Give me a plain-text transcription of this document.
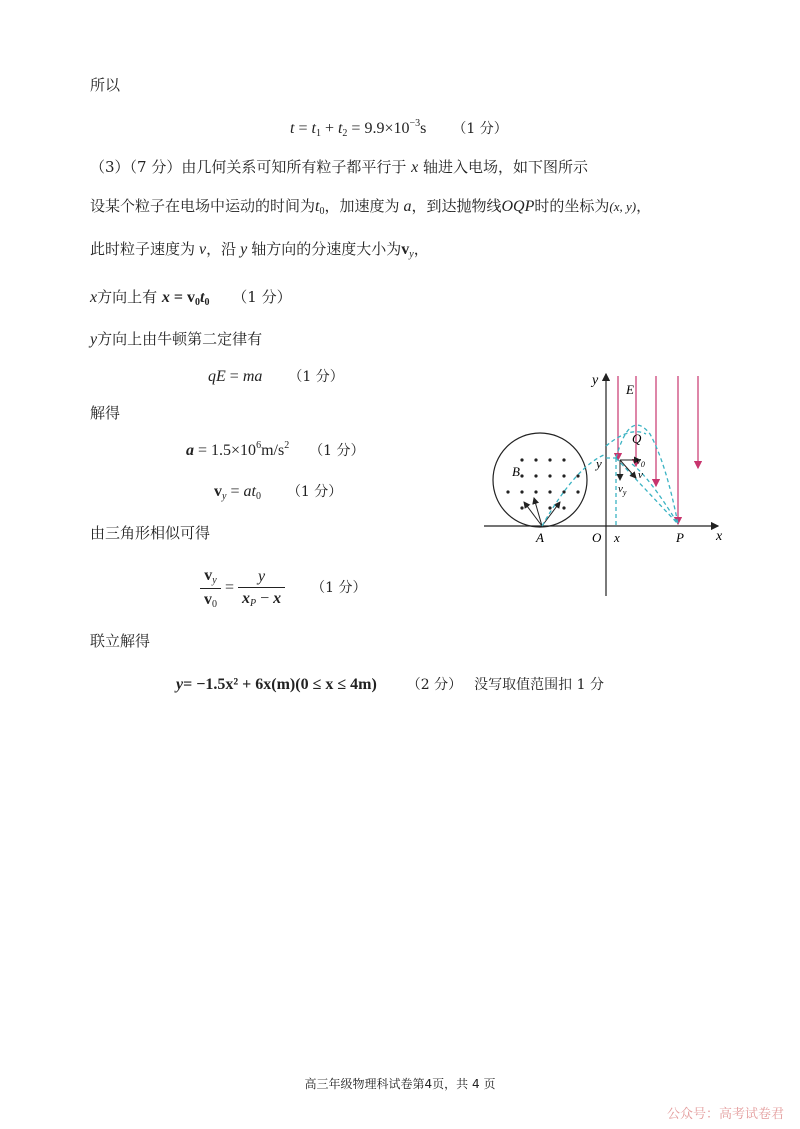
所以
$t = t_1 + t_2 = 9.9\times 10^{-3}s$ （1 分）
（3）（7 分）由几何关系可知所有粒子都平行于 x 轴进入电场，如下图所示
设某个粒子在电场中运动的时间为$t_0$，加速度为 a，到达抛物线OQP时的坐标为(x, y)，
此时粒子速度为 v，沿 y 轴方向的分速度大小为$v_y$，
x方向上有 $x = v_0t_0$ （1 分）
y方向上由牛顿第二定律有
qE = ma （1 分）
解得
$a = 1.5\times 10^6m/s^2$ （1 分）
$v_y = at_0$ （1 分）
由三角形相似可得
$\frac{v_y}{v_0} = \frac{y}{x_P - x} (1$ 分）
联立解得
y= −1.5x² + 6x(m)(0 ≤ x ≤ 4m) （2 分） 没写取值范围扣 1 分
y
x
E
B
Q
$v_0$
v
$v_y$
y
A	O x	P
高三年级物理科试卷第4页，共 4 页
公众号：高考试卷君
